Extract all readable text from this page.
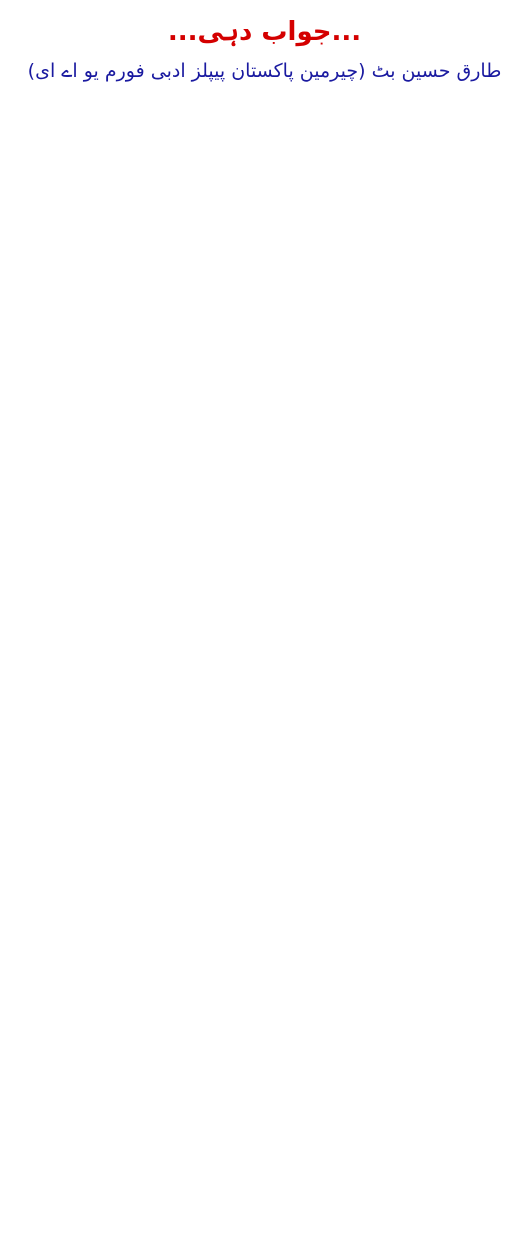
...جواب دہی...
طارق حسین بٹ (چیرمین پاکستان پیپلز ادبی فورم یو اے ای)
